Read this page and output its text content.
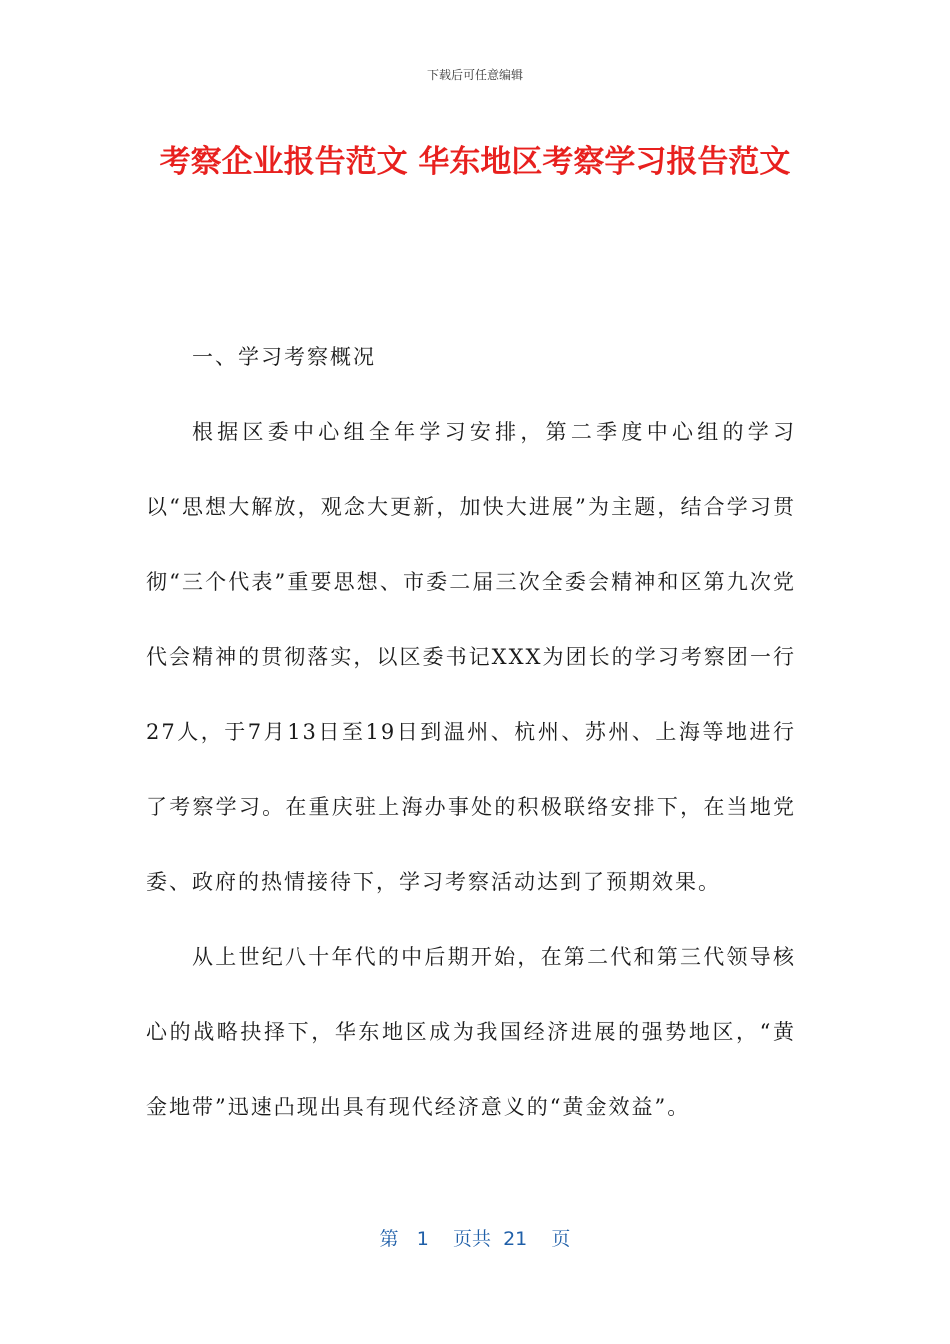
下载后可任意编辑
考察企业报告范文 华东地区考察学习报告范文

一、学习考察概况

根据区委中心组全年学习安排，第二季度中心组的学习以“思想大解放，观念大更新，加快大进展”为主题，结合学习贯彻“三个代表”重要思想、市委二届三次全委会精神和区第九次党代会精神的贯彻落实，以区委书记XXX为团长的学习考察团一行27人，于7月13日至19日到温州、杭州、苏州、上海等地进行了考察学习。在重庆驻上海办事处的积极联络安排下，在当地党委、政府的热情接待下，学习考察活动达到了预期效果。

从上世纪八十年代的中后期开始，在第二代和第三代领导核心的战略抉择下，华东地区成为我国经济进展的强势地区，“黄金地带”迅速凸现出具有现代经济意义的“黄金效益”。

第 1 页共 21 页
